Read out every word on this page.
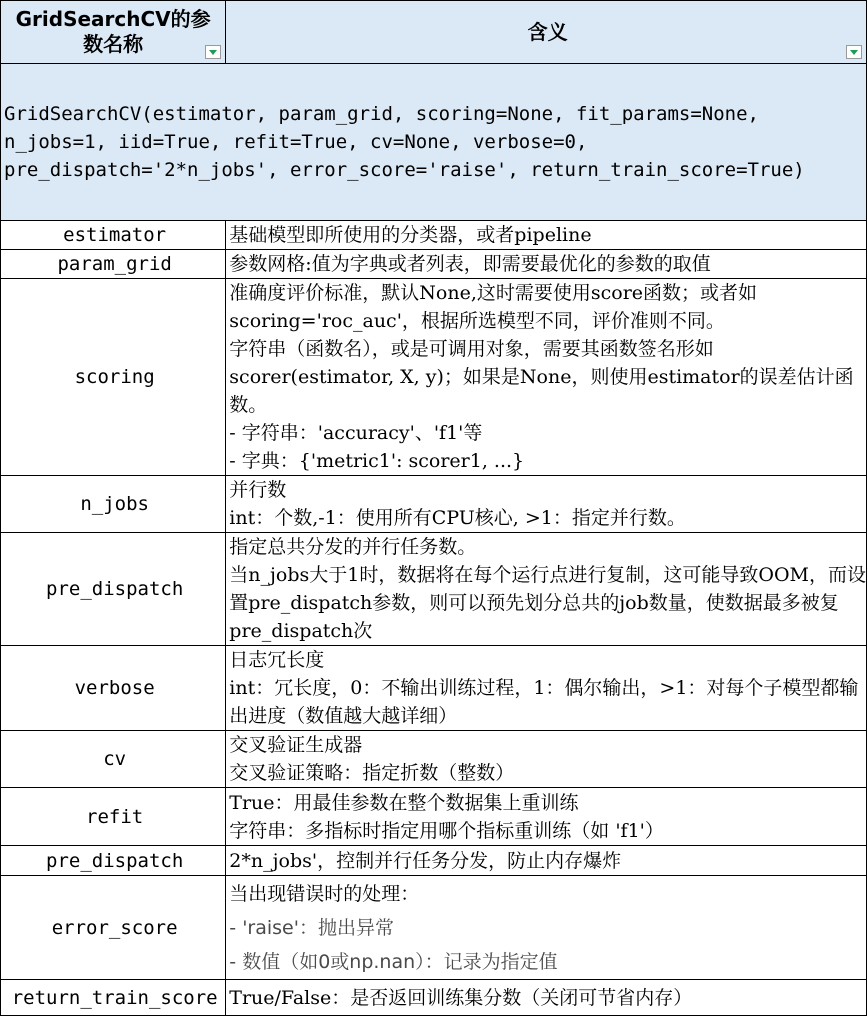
GridSearchCV的参数名称	含义

GridSearchCV(estimator, param_grid, scoring=None, fit_params=None, n_jobs=1, iid=True, refit=True, cv=None, verbose=0, pre_dispatch='2*n_jobs', error_score='raise', return_train_score=True)	
estimator	基础模型即所使用的分类器，或者pipeline

param_grid	参数网格:值为字典或者列表，即需要最优化的参数的取值

scoring	准确度评价标准，默认None,这时需要使用score函数；或者如scoring='roc_auc'，根据所选模型不同，评价准则不同。
字符串（函数名），或是可调用对象，需要其函数签名形如scorer(estimator, X, y)；如果是None，则使用estimator的误差估计函数。
- 字符串：'accuracy'、'f1'等
- 字典：{'metric1': scorer1, ...}

n_jobs	并行数
int：个数,-1：使用所有CPU核心, >1：指定并行数。

pre_dispatch	指定总共分发的并行任务数。
当n_jobs大于1时，数据将在每个运行点进行复制，这可能导致OOM，而设置pre_dispatch参数，则可以预先划分总共的job数量，使数据最多被复pre_dispatch次

verbose	日志冗长度
int：冗长度，0：不输出训练过程，1：偶尔输出，>1：对每个子模型都输出进度（数值越大越详细）

cv	交叉验证生成器
交叉验证策略：指定折数（整数）

refit	True：用最佳参数在整个数据集上重训练
字符串：多指标时指定用哪个指标重训练（如 'f1'）

pre_dispatch	2*n_jobs'，控制并行任务分发，防止内存爆炸

error_score	当出现错误时的处理：
- 'raise'：抛出异常
- 数值（如0或np.nan）：记录为指定值

return_train_score	True/False：是否返回训练集分数（关闭可节省内存）
